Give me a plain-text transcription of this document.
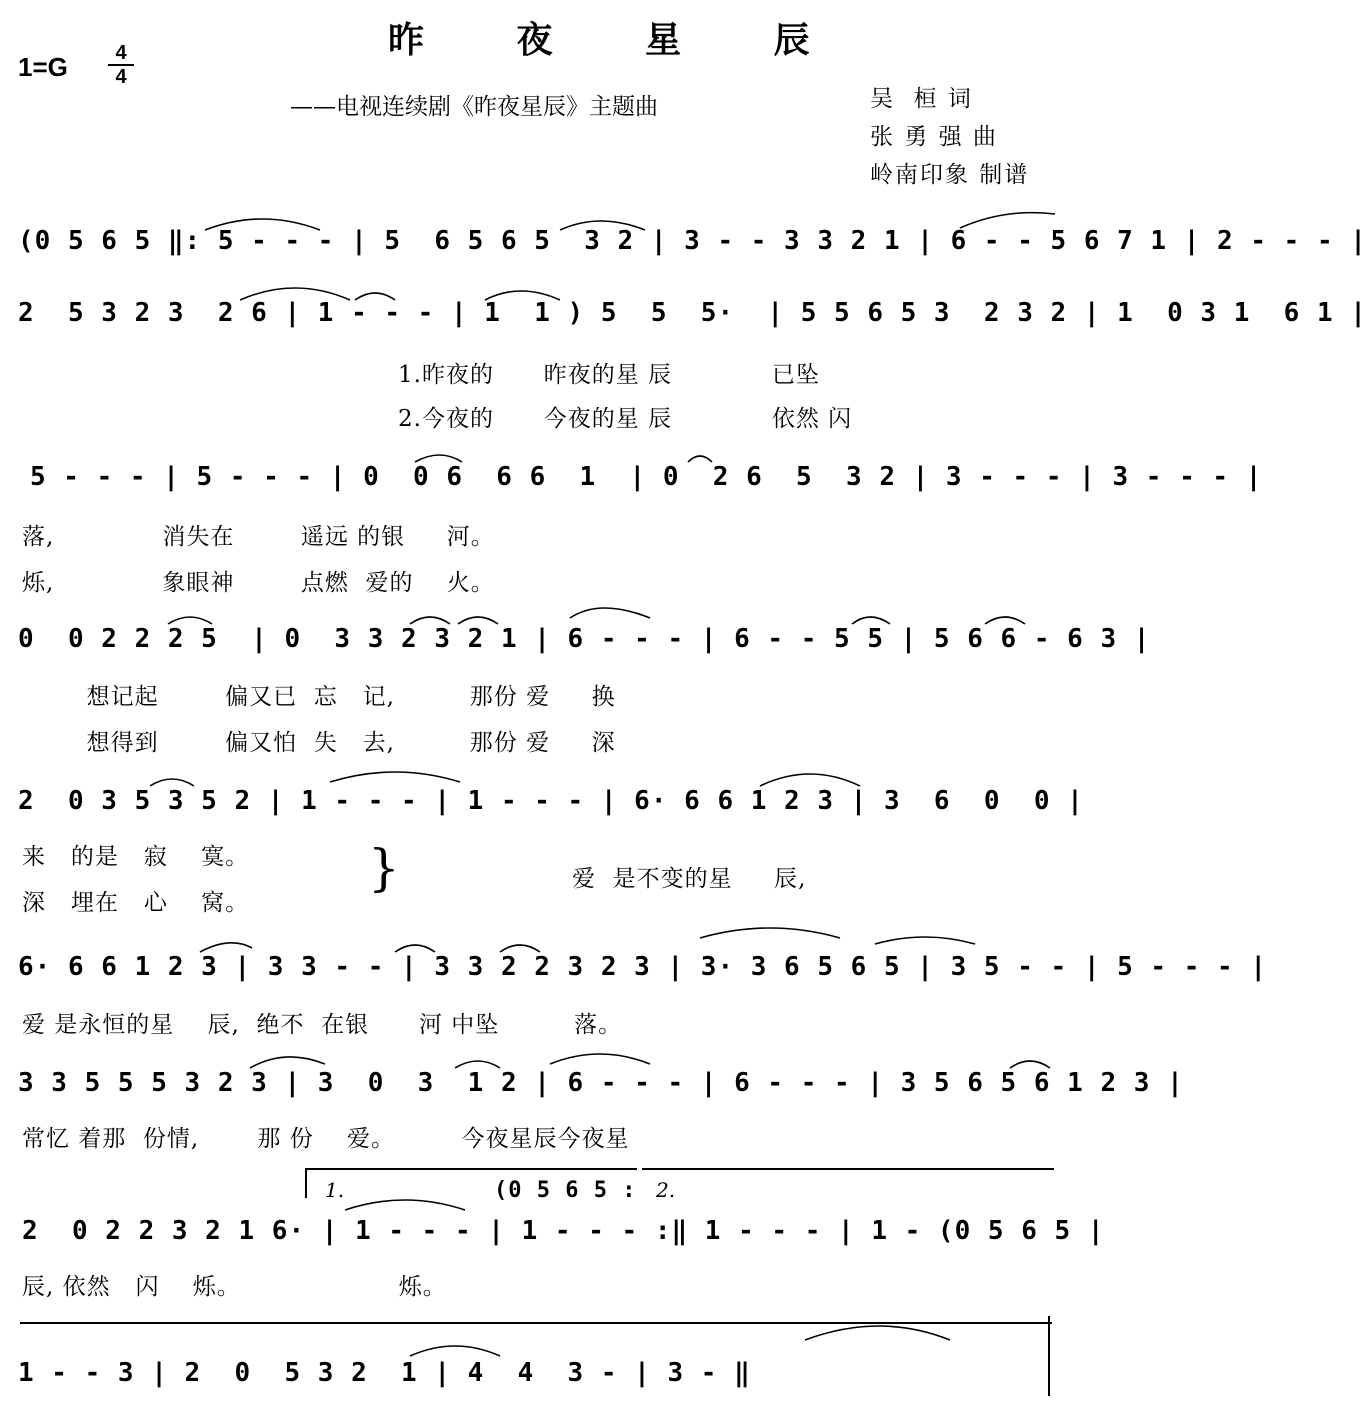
昨 夜 星 辰
$1=G \frac{4}{4}$
——电视连续剧《昨夜星辰》主题曲	吴  桓 词
张 勇 强 曲
岭南印象 制谱
(0 5 6 5 ‖: 5 - - - | 5  6 5 6 5  3 2 | 3 - - 3 3 2 1 | 6 - - 5 6 7 1 | 2 - - - |
2  5 3 2 3  2 6 | 1 - - - | 1  1 ) 5  5  5·  | 5 5 6 5 3  2 3 2 | 1  0 3 1  6 1 |
1.昨夜的      昨夜的星 辰            已坠
2.今夜的      今夜的星 辰            依然 闪
5 - - - | 5 - - - | 0  0 6  6 6  1  | 0  2 6  5  3 2 | 3 - - - | 3 - - - |
落,             消失在        遥远 的银     河。
烁,             象眼神        点燃  爱的    火。
0  0 2 2 2 5  | 0  3 3 2 3 2 1 | 6 - - - | 6 - - 5 5 | 5 6 6 - 6 3 |
想记起        偏又已  忘   记,         那份 爱     换
想得到        偏又怕  失   去,         那份 爱     深
2  0 3 5 3 5 2 | 1 - - - | 1 - - - | 6· 6 6 1 2 3 | 3  6  0  0 |
来   的是   寂    寞。
深   埋在   心    窝。
爱  是不变的星     辰,
}
6· 6 6 1 2 3 | 3 3 - - | 3 3 2 2 3 2 3 | 3· 3 6 5 6 5 | 3 5 - - | 5 - - - |
爱 是永恒的星    辰,  绝不  在银      河 中坠         落。
3 3 5 5 5 3 2 3 | 3  0  3  1 2 | 6 - - - | 6 - - - | 3 5 6 5 6 1 2 3 |
常忆 着那  份情,       那 份    爱。        今夜星辰今夜星
1.	2.
(0 5 6 5 :
2  0 2 2 3 2 1 6· | 1 - - - | 1 - - - :‖ 1 - - - | 1 - (0 5 6 5 |
辰, 依然   闪    烁。                   烁。
1 - - 3 | 2  0  5 3 2  1 | 4  4  3 - | 3 - ‖
